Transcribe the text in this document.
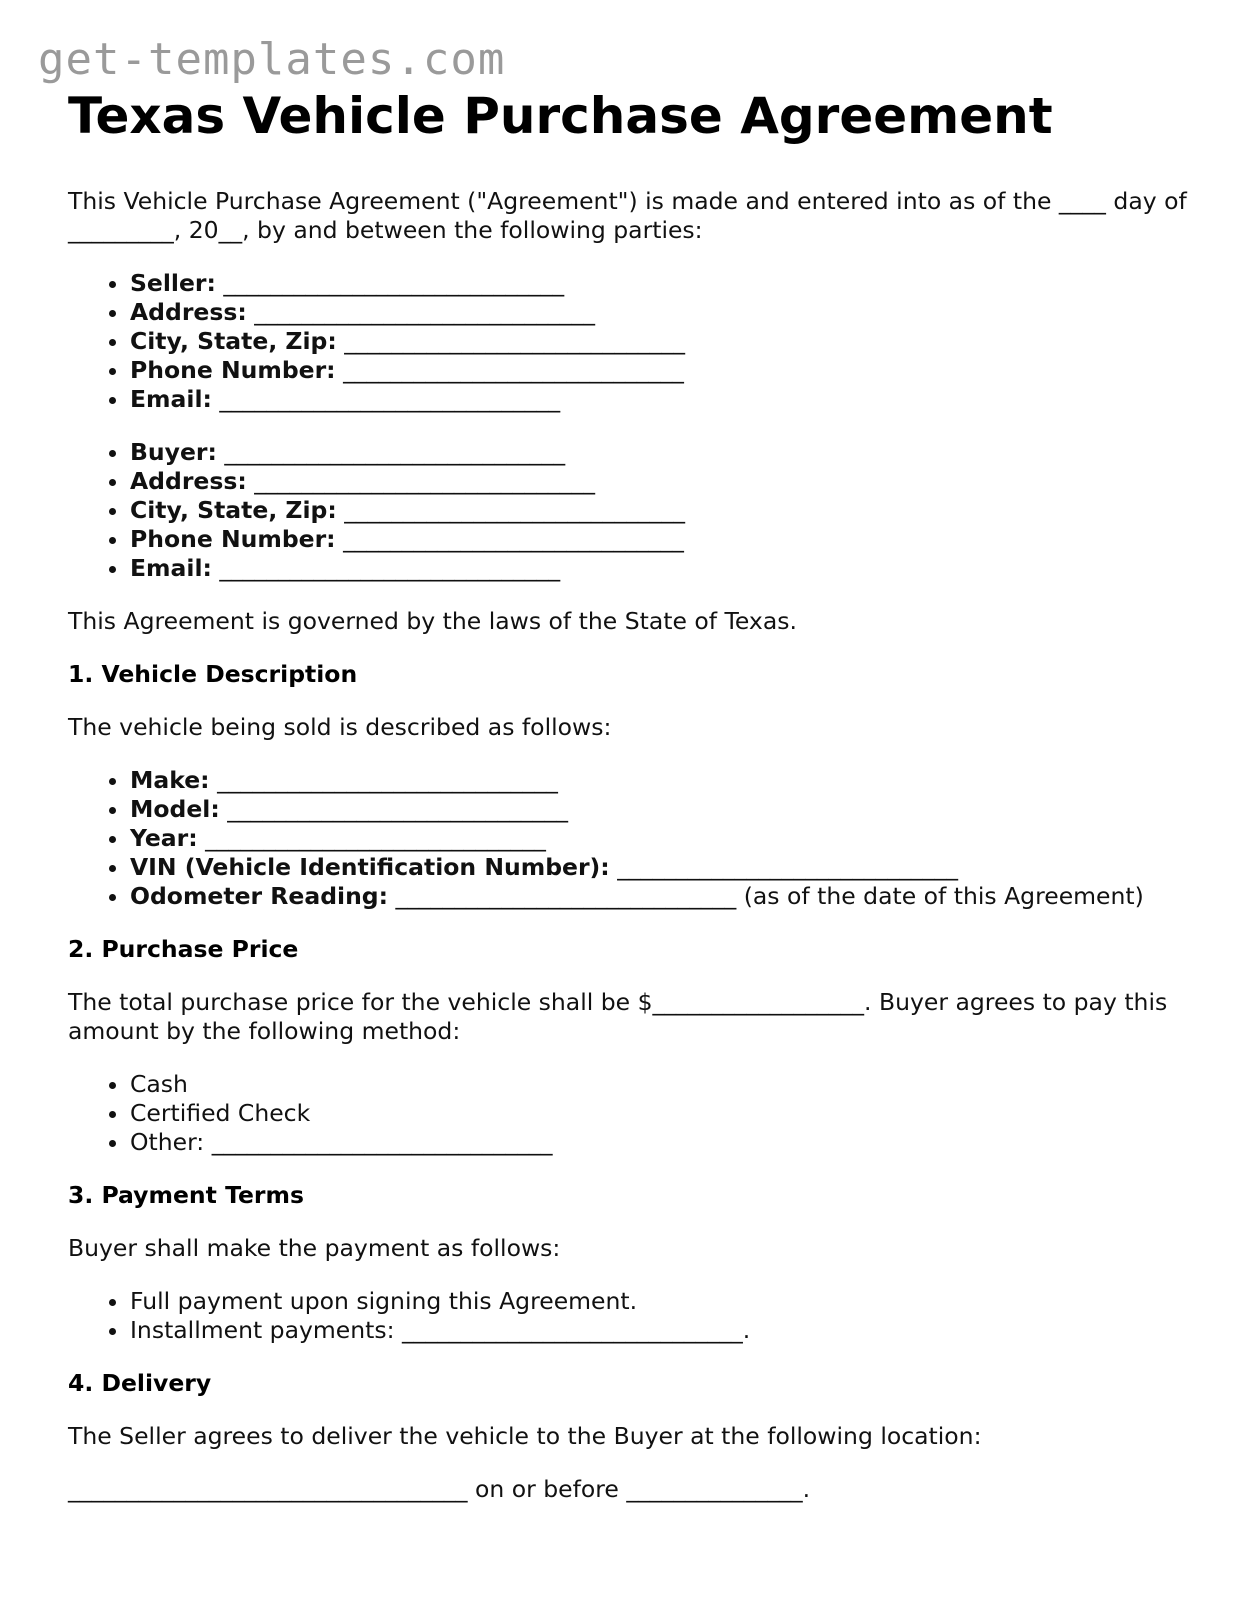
get-templates.com
Texas Vehicle Purchase Agreement

This Vehicle Purchase Agreement ("Agreement") is made and entered into as of the ____ day of _________, 20__, by and between the following parties:

• Seller: _____________________________
• Address: _____________________________
• City, State, Zip: _____________________________
• Phone Number: _____________________________
• Email: _____________________________
• Buyer: _____________________________
• Address: _____________________________
• City, State, Zip: _____________________________
• Phone Number: _____________________________
• Email: _____________________________

This Agreement is governed by the laws of the State of Texas.

1. Vehicle Description

The vehicle being sold is described as follows:

• Make: _____________________________
• Model: _____________________________
• Year: _____________________________
• VIN (Vehicle Identification Number): _____________________________
• Odometer Reading: _____________________________ (as of the date of this Agreement)
2. Purchase Price

The total purchase price for the vehicle shall be $__________________. Buyer agrees to pay this amount by the following method:

• Cash
• Certified Check
• Other: _____________________________
3. Payment Terms

Buyer shall make the payment as follows:

• Full payment upon signing this Agreement.
• Installment payments: _____________________________.
4. Delivery

The Seller agrees to deliver the vehicle to the Buyer at the following location:

__________________________________ on or before _______________.
